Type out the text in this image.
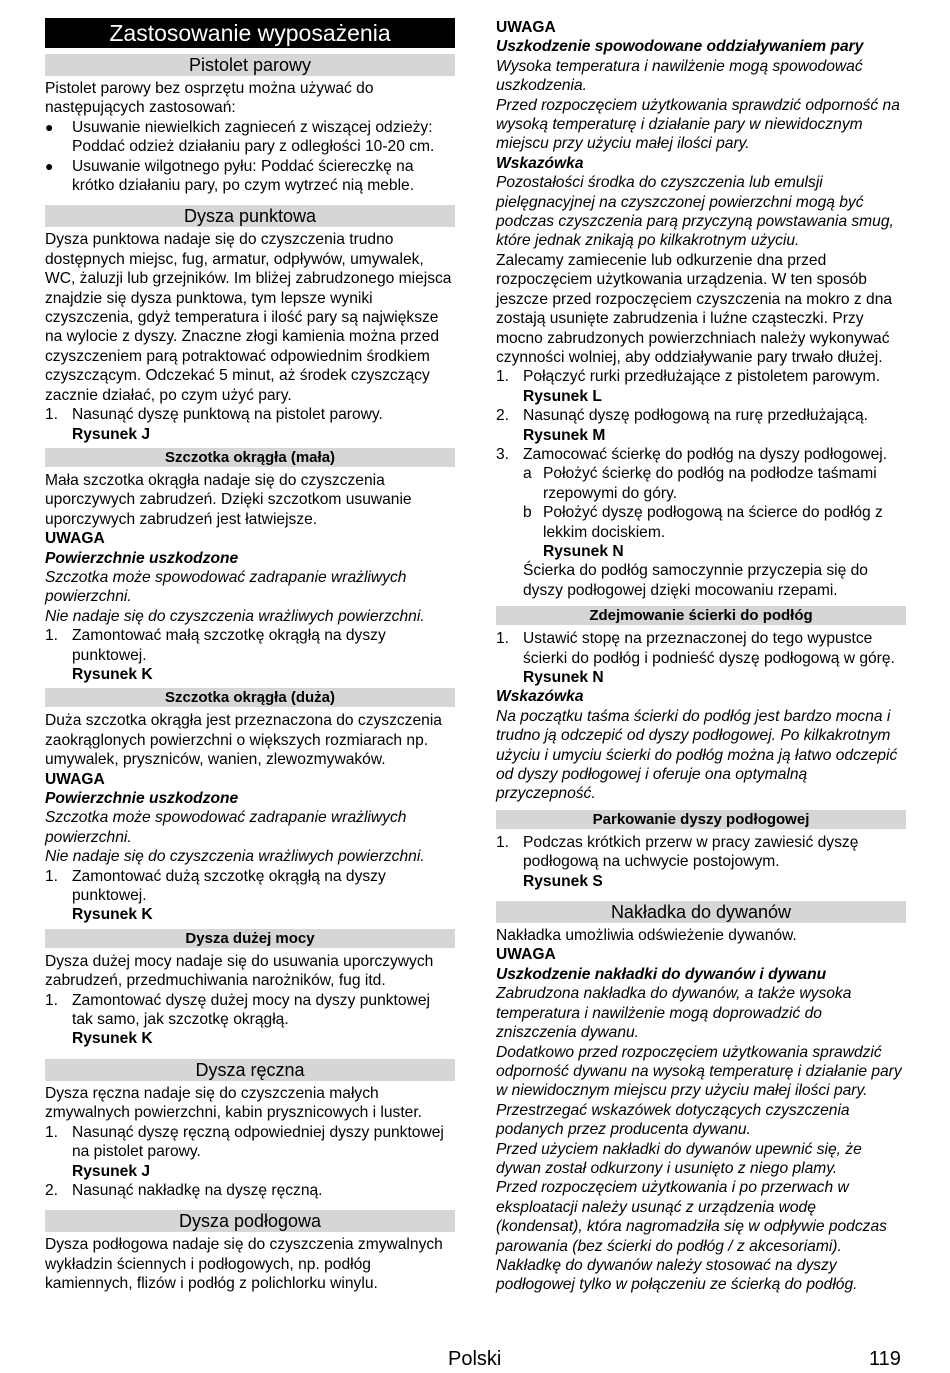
Zastosowanie wyposażenia
Pistolet parowy

Pistolet parowy bez osprzętu można używać do następujących zastosowań:

●	Usuwanie niewielkich zagnieceń z wiszącej odzieży: Poddać odzież działaniu pary z odległości 10-20 cm.
●	Usuwanie wilgotnego pyłu: Poddać ściereczkę na krótko działaniu pary, po czym wytrzeć nią meble.
Dysza punktowa

Dysza punktowa nadaje się do czyszczenia trudno dostępnych miejsc, fug, armatur, odpływów, umywalek, WC, żaluzji lub grzejników. Im bliżej zabrudzonego miejsca znajdzie się dysza punktowa, tym lepsze wyniki czyszczenia, gdyż temperatura i ilość pary są największe na wylocie z dyszy. Znaczne złogi kamienia można przed czyszczeniem parą potraktować odpowiednim środkiem czyszczącym. Odczekać 5 minut, aż środek czyszczący zacznie działać, po czym użyć pary.

1. Nasunąć dyszę punktową na pistolet parowy.
Rysunek J
Szczotka okrągła (mała)

Mała szczotka okrągła nadaje się do czyszczenia uporczywych zabrudzeń. Dzięki szczotkom usuwanie uporczywych zabrudzeń jest łatwiejsze.

UWAGA

Powierzchnie uszkodzone

Szczotka może spowodować zadrapanie wrażliwych powierzchni.

Nie nadaje się do czyszczenia wrażliwych powierzchni.

1. Zamontować małą szczotkę okrągłą na dyszy punktowej.
Rysunek K
Szczotka okrągła (duża)

Duża szczotka okrągła jest przeznaczona do czyszczenia zaokrąglonych powierzchni o większych rozmiarach np. umywalek, pryszniców, wanien, zlewozmywaków.

UWAGA

Powierzchnie uszkodzone

Szczotka może spowodować zadrapanie wrażliwych powierzchni.

Nie nadaje się do czyszczenia wrażliwych powierzchni.

1. Zamontować dużą szczotkę okrągłą na dyszy punktowej.
Rysunek K
Dysza dużej mocy

Dysza dużej mocy nadaje się do usuwania uporczywych zabrudzeń, przedmuchiwania narożników, fug itd.

1. Zamontować dyszę dużej mocy na dyszy punktowej tak samo, jak szczotkę okrągłą.
Rysunek K
Dysza ręczna

Dysza ręczna nadaje się do czyszczenia małych zmywalnych powierzchni, kabin prysznicowych i luster.

1. Nasunąć dyszę ręczną odpowiedniej dyszy punktowej na pistolet parowy.
Rysunek J
2. Nasunąć nakładkę na dyszę ręczną.
Dysza podłogowa

Dysza podłogowa nadaje się do czyszczenia zmywalnych wykładzin ściennych i podłogowych, np. podłóg kamiennych, flizów i podłóg z polichlorku winylu.

UWAGA

Uszkodzenie spowodowane oddziaływaniem pary

Wysoka temperatura i nawilżenie mogą spowodować uszkodzenia.

Przed rozpoczęciem użytkowania sprawdzić odporność na wysoką temperaturę i działanie pary w niewidocznym miejscu przy użyciu małej ilości pary.

Wskazówka

Pozostałości środka do czyszczenia lub emulsji pielęgnacyjnej na czyszczonej powierzchni mogą być podczas czyszczenia parą przyczyną powstawania smug, które jednak znikają po kilkakrotnym użyciu.

Zalecamy zamiecenie lub odkurzenie dna przed rozpoczęciem użytkowania urządzenia. W ten sposób jeszcze przed rozpoczęciem czyszczenia na mokro z dna zostają usunięte zabrudzenia i luźne cząsteczki. Przy mocno zabrudzonych powierzchniach należy wykonywać czynności wolniej, aby oddziaływanie pary trwało dłużej.

1. Połączyć rurki przedłużające z pistoletem parowym.
Rysunek L
2. Nasunąć dyszę podłogową na rurę przedłużającą.
Rysunek M
3. Zamocować ścierkę do podłóg na dyszy podłogowej.
a Położyć ścierkę do podłóg na podłodze taśmami rzepowymi do góry.
b Położyć dyszę podłogową na ścierce do podłóg z lekkim dociskiem.
Rysunek N
Ścierka do podłóg samoczynnie przyczepia się do dyszy podłogowej dzięki mocowaniu rzepami.
Zdejmowanie ścierki do podłóg
1. Ustawić stopę na przeznaczonej do tego wypustce ścierki do podłóg i podnieść dyszę podłogową w górę.
Rysunek N

Wskazówka

Na początku taśma ścierki do podłóg jest bardzo mocna i trudno ją odczepić od dyszy podłogowej. Po kilkakrotnym użyciu i umyciu ścierki do podłóg można ją łatwo odczepić od dyszy podłogowej i oferuje ona optymalną przyczepność.

Parkowanie dyszy podłogowej
1. Podczas krótkich przerw w pracy zawiesić dyszę podłogową na uchwycie postojowym.
Rysunek S
Nakładka do dywanów

Nakładka umożliwia odświeżenie dywanów.

UWAGA

Uszkodzenie nakładki do dywanów i dywanu

Zabrudzona nakładka do dywanów, a także wysoka temperatura i nawilżenie mogą doprowadzić do zniszczenia dywanu.

Dodatkowo przed rozpoczęciem użytkowania sprawdzić odporność dywanu na wysoką temperaturę i działanie pary w niewidocznym miejscu przy użyciu małej ilości pary.

Przestrzegać wskazówek dotyczących czyszczenia podanych przez producenta dywanu.

Przed użyciem nakładki do dywanów upewnić się, że dywan został odkurzony i usunięto z niego plamy.

Przed rozpoczęciem użytkowania i po przerwach w eksploatacji należy usunąć z urządzenia wodę (kondensat), która nagromadziła się w odpływie podczas parowania (bez ścierki do podłóg / z akcesoriami).

Nakładkę do dywanów należy stosować na dyszy podłogowej tylko w połączeniu ze ścierką do podłóg.

Polski	119
